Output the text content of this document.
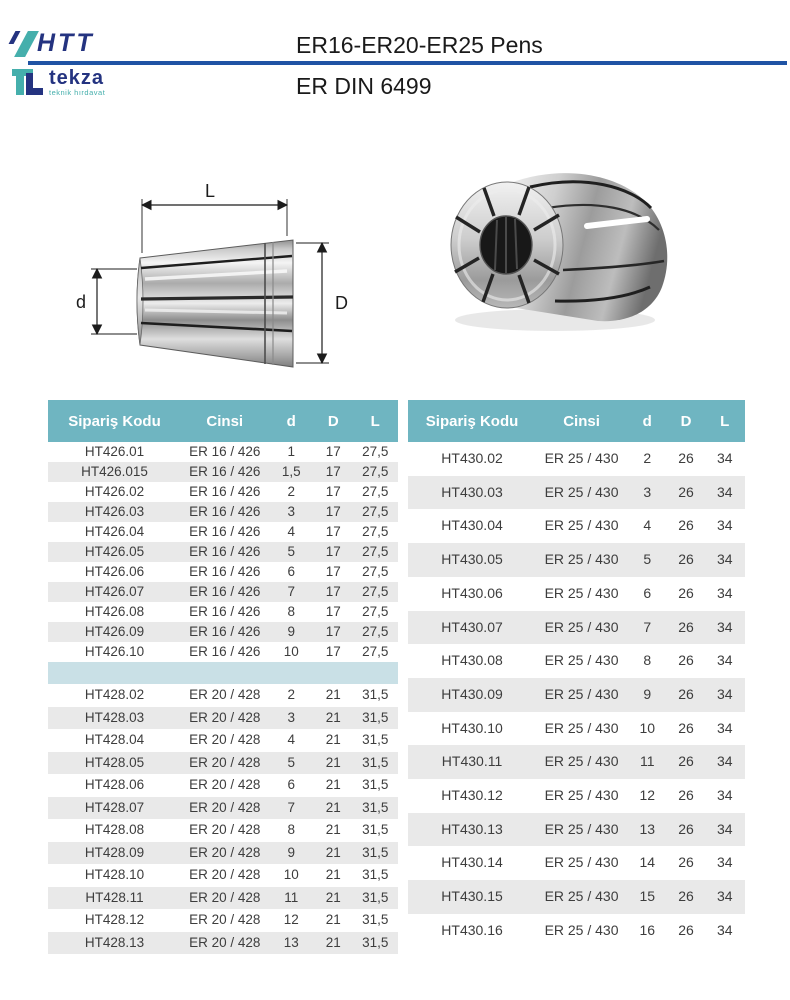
HTT
tekza
teknik hırdavat
ER16-ER20-ER25 Pens
ER DIN 6499
L
d	D
Sipariş Kodu	Cinsi	d	D	L
HT426.01	ER 16 / 426	1	17	27,5
HT426.015	ER 16 / 426	1,5	17	27,5
HT426.02	ER 16 / 426	2	17	27,5
HT426.03	ER 16 / 426	3	17	27,5
HT426.04	ER 16 / 426	4	17	27,5
HT426.05	ER 16 / 426	5	17	27,5
HT426.06	ER 16 / 426	6	17	27,5
HT426.07	ER 16 / 426	7	17	27,5
HT426.08	ER 16 / 426	8	17	27,5
HT426.09	ER 16 / 426	9	17	27,5
HT426.10	ER 16 / 426	10	17	27,5

HT428.02	ER 20 / 428	2	21	31,5
HT428.03	ER 20 / 428	3	21	31,5
HT428.04	ER 20 / 428	4	21	31,5
HT428.05	ER 20 / 428	5	21	31,5
HT428.06	ER 20 / 428	6	21	31,5
HT428.07	ER 20 / 428	7	21	31,5
HT428.08	ER 20 / 428	8	21	31,5
HT428.09	ER 20 / 428	9	21	31,5
HT428.10	ER 20 / 428	10	21	31,5
HT428.11	ER 20 / 428	11	21	31,5
HT428.12	ER 20 / 428	12	21	31,5
HT428.13	ER 20 / 428	13	21	31,5
Sipariş Kodu	Cinsi	d	D	L
HT430.02	ER 25 / 430	2	26	34
HT430.03	ER 25 / 430	3	26	34
HT430.04	ER 25 / 430	4	26	34
HT430.05	ER 25 / 430	5	26	34
HT430.06	ER 25 / 430	6	26	34
HT430.07	ER 25 / 430	7	26	34
HT430.08	ER 25 / 430	8	26	34
HT430.09	ER 25 / 430	9	26	34
HT430.10	ER 25 / 430	10	26	34
HT430.11	ER 25 / 430	11	26	34
HT430.12	ER 25 / 430	12	26	34
HT430.13	ER 25 / 430	13	26	34
HT430.14	ER 25 / 430	14	26	34
HT430.15	ER 25 / 430	15	26	34
HT430.16	ER 25 / 430	16	26	34
